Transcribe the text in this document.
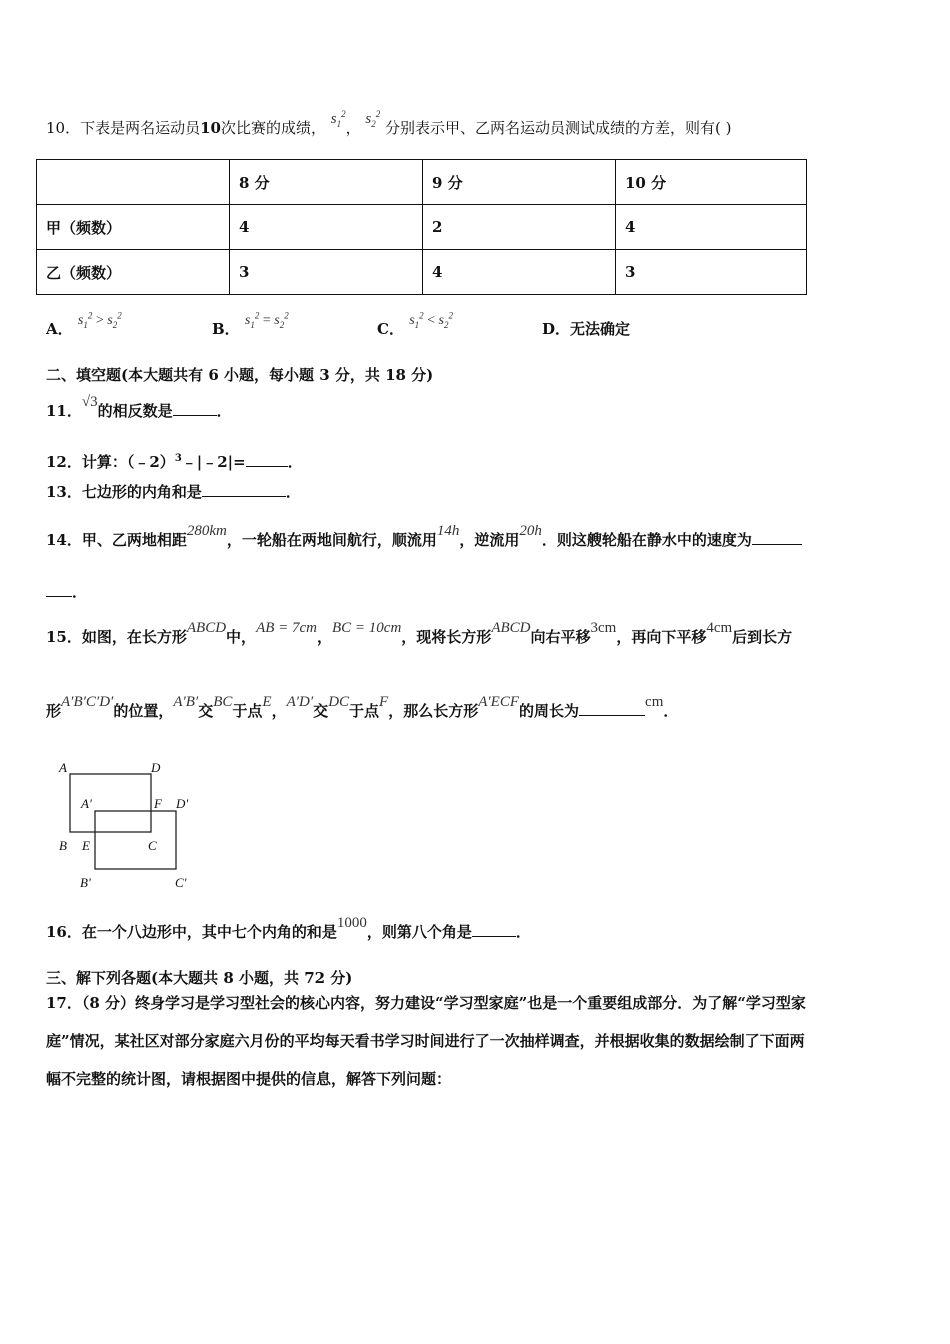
10．下表是两名运动员10次比赛的成绩， $s_1^2$， $s_2^2$ 分别表示甲、乙两名运动员测试成绩的方差，则有( )
	8 分	9 分	10 分
甲（频数）	4	2	4
乙（频数）	3	4	3
A． $s_1^2 > s_2^2$
B． $s_1^2 = s_2^2$
C． $s_1^2 < s_2^2$
D．无法确定
二、填空题(本大题共有 6 小题，每小题 3 分，共 18 分)
11．√3的相反数是	．
12．计算：（﹣2）$^3$﹣|﹣2|=	．
13．七边形的内角和是	．
14．甲、乙两地相距280km，一轮船在两地间航行，顺流用14h，逆流用20h．则这艘轮船在静水中的速度为
．
15．如图，在长方形ABCD中，AB = 7cm，BC = 10cm，现将长方形ABCD向右平移3cm，再向下平移4cm后到长方
形A′B′C′D′的位置，A′B′交BC于点E，A′D′交DC于点F，那么长方形A′ECF的周长为	cm．
A	D
A'	F D'
B E	C
B'	C'
16．在一个八边形中，其中七个内角的和是1000，则第八个角是	．
三、解下列各题(本大题共 8 小题，共 72 分)
17．（8 分）终身学习是学习型社会的核心内容，努力建设“学习型家庭”也是一个重要组成部分．为了解“学习型家
庭”情况，某社区对部分家庭六月份的平均每天看书学习时间进行了一次抽样调查，并根据收集的数据绘制了下面两
幅不完整的统计图，请根据图中提供的信息，解答下列问题：
